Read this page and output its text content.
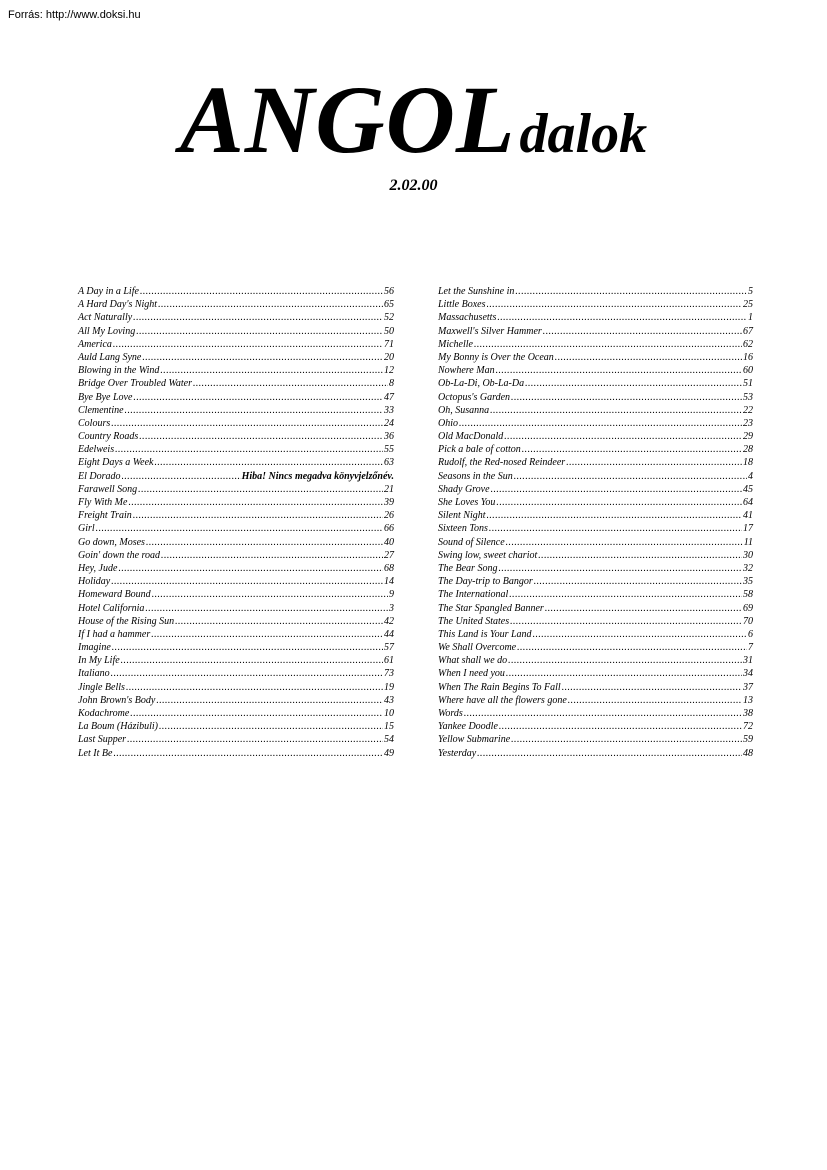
Forrás: http://www.doksi.hu
ANGOL dalok
2.02.00
A Day in a Life .....	56
A Hard Day's Night .....	65
Act Naturally .....	52
All My Loving .....	50
America .....	71
Auld Lang Syne .....	20
Blowing in the Wind .....	12
Bridge Over Troubled Water .....	8
Bye Bye Love .....	47
Clementine .....	33
Colours .....	24
Country Roads .....	36
Edelweis .....	55
Eight Days a Week .....	63
El Dorado .....	Hiba! Nincs megadva könyvjelzőnév.
Farawell Song .....	21
Fly With Me .....	39
Freight Train .....	26
Girl .....	66
Go down, Moses .....	40
Goin' down the road .....	27
Hey, Jude .....	68
Holiday .....	14
Homeward Bound .....	9
Hotel California .....	3
House of the Rising Sun .....	42
If I had a hammer .....	44
Imagine .....	57
In My Life .....	61
Italiano .....	73
Jingle Bells .....	19
John Brown's Body .....	43
Kodachrome .....	10
La Boum (Házibuli) .....	15
Last Supper .....	54
Let It Be .....	49
Let the Sunshine in .....	5
Little Boxes .....	25
Massachusetts .....	1
Maxwell's Silver Hammer .....	67
Michelle .....	62
My Bonny is Over the Ocean .....	16
Nowhere Man .....	60
Ob-La-Di, Ob-La-Da .....	51
Octopus's Garden .....	53
Oh, Susanna .....	22
Ohio .....	23
Old MacDonald .....	29
Pick a bale of cotton .....	28
Rudolf, the Red-nosed Reindeer .....	18
Seasons in the Sun .....	4
Shady Grove .....	45
She Loves You .....	64
Silent Night .....	41
Sixteen Tons .....	17
Sound of Silence .....	11
Swing low, sweet chariot .....	30
The Bear Song .....	32
The Day-trip to Bangor .....	35
The International .....	58
The Star Spangled Banner .....	69
The United States .....	70
This Land is Your Land .....	6
We Shall Overcome .....	7
What shall we do .....	31
When I need you .....	34
When The Rain Begins To Fall .....	37
Where have all the flowers gone .....	13
Words .....	38
Yankee Doodle .....	72
Yellow Submarine .....	59
Yesterday .....	48
